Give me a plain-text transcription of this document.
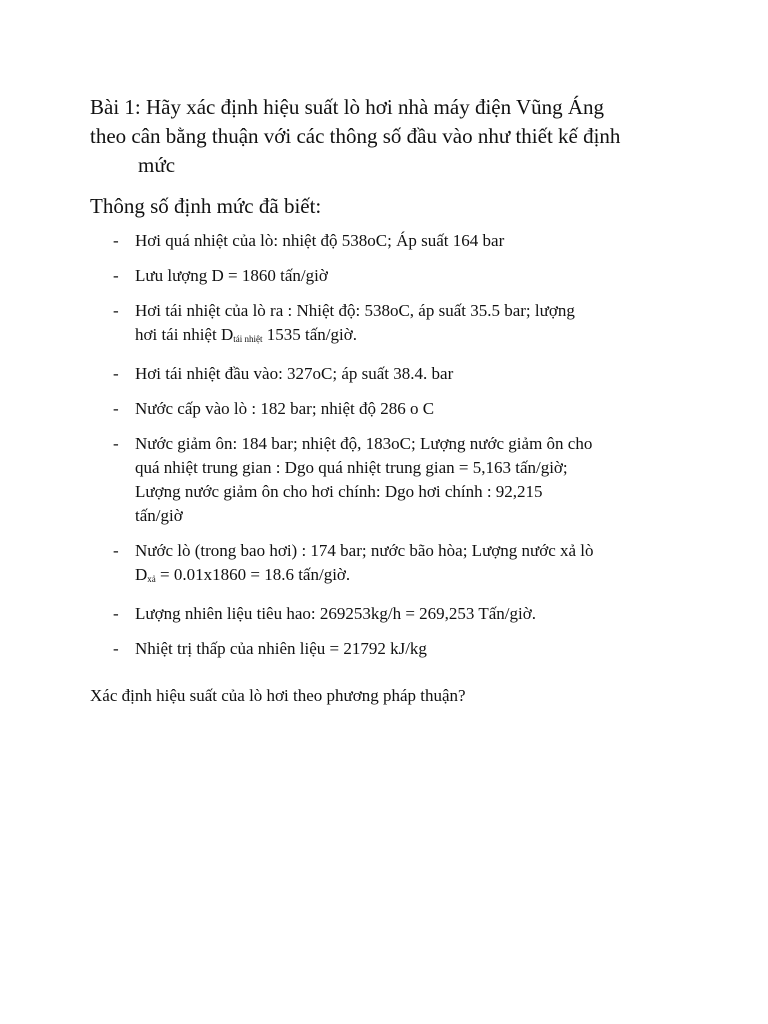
Bài 1: Hãy xác định hiệu suất lò hơi nhà máy điện Vũng Áng
theo cân bằng thuận với các thông số đầu vào như thiết kế định
mức

Thông số định mức đã biết:

- Hơi quá nhiệt của lò: nhiệt độ 538oC; Áp suất 164 bar
- Lưu lượng D = 1860 tấn/giờ
- Hơi tái nhiệt của lò ra : Nhiệt độ: 538oC, áp suất 35.5 bar; lượng
hơi tái nhiệt $D_{tái nhiệt}$ 1535 tấn/giờ.
- Hơi tái nhiệt đầu vào: 327oC; áp suất 38.4. bar
- Nước cấp vào lò : 182 bar; nhiệt độ 286 o C
- Nước giảm ôn: 184 bar; nhiệt độ, 183oC; Lượng nước giảm ôn cho
quá nhiệt trung gian : Dgo quá nhiệt trung gian = 5,163 tấn/giờ;
Lượng nước giảm ôn cho hơi chính: Dgo hơi chính : 92,215
tấn/giờ
- Nước lò (trong bao hơi) : 174 bar; nước bão hòa; Lượng nước xả lò
$D_{xả} = 0.01x1860 = 18.6$ tấn/giờ.
- Lượng nhiên liệu tiêu hao: 269253kg/h = 269,253 Tấn/giờ.
- Nhiệt trị thấp của nhiên liệu = 21792 kJ/kg

Xác định hiệu suất của lò hơi theo phương pháp thuận?
